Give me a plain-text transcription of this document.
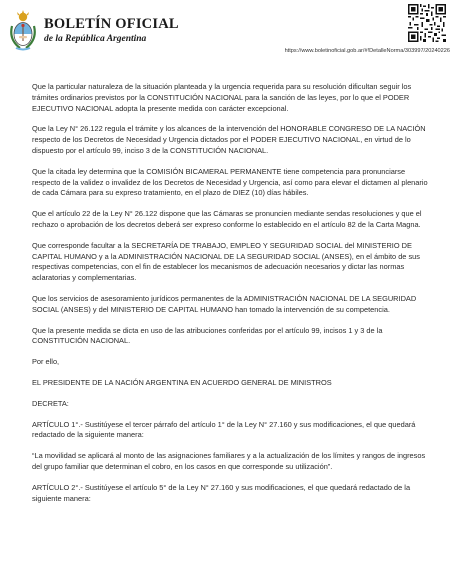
BOLETÍN OFICIAL
de la República Argentina
https://www.boletinoficial.gob.ar/#!DetalleNorma/303997/20240226

Que la particular naturaleza de la situación planteada y la urgencia requerida para su resolución dificultan seguir los trámites ordinarios previstos por la CONSTITUCIÓN NACIONAL para la sanción de las leyes, por lo que el PODER EJECUTIVO NACIONAL adopta la presente medida con carácter excepcional.

Que la Ley N° 26.122 regula el trámite y los alcances de la intervención del HONORABLE CONGRESO DE LA NACIÓN respecto de los Decretos de Necesidad y Urgencia dictados por el PODER EJECUTIVO NACIONAL, en virtud de lo dispuesto por el artículo 99, inciso 3 de la CONSTITUCIÓN NACIONAL.

Que la citada ley determina que la COMISIÓN BICAMERAL PERMANENTE tiene competencia para pronunciarse respecto de la validez o invalidez de los Decretos de Necesidad y Urgencia, así como para elevar el dictamen al plenario de cada Cámara para su expreso tratamiento, en el plazo de DIEZ (10) días hábiles.

Que el artículo 22 de la Ley N° 26.122 dispone que las Cámaras se pronuncien mediante sendas resoluciones y que el rechazo o aprobación de los decretos deberá ser expreso conforme lo establecido en el artículo 82 de la Carta Magna.

Que corresponde facultar a la SECRETARÍA DE TRABAJO, EMPLEO Y SEGURIDAD SOCIAL del MINISTERIO DE CAPITAL HUMANO y a la ADMINISTRACIÓN NACIONAL DE LA SEGURIDAD SOCIAL (ANSES), en el ámbito de sus respectivas competencias, con el fin de establecer los mecanismos de adecuación necesarios y dictar las normas aclaratorias y complementarias.

Que los servicios de asesoramiento jurídicos permanentes de la ADMINISTRACIÓN NACIONAL DE LA SEGURIDAD SOCIAL (ANSES) y del MINISTERIO DE CAPITAL HUMANO han tomado la intervención de su competencia.

Que la presente medida se dicta en uso de las atribuciones conferidas por el artículo 99, incisos 1 y 3 de la CONSTITUCIÓN NACIONAL.

Por ello,

EL PRESIDENTE DE LA NACIÓN ARGENTINA EN ACUERDO GENERAL DE MINISTROS

DECRETA:

ARTÍCULO 1°.- Sustitúyese el tercer párrafo del artículo 1° de la Ley N° 27.160 y sus modificaciones, el que quedará redactado de la siguiente manera:

“La movilidad se aplicará al monto de las asignaciones familiares y a la actualización de los límites y rangos de ingresos del grupo familiar que determinan el cobro, en los casos en que corresponde su utilización”.

ARTÍCULO 2°.- Sustitúyese el artículo 5° de la Ley N° 27.160 y sus modificaciones, el que quedará redactado de la siguiente manera:
